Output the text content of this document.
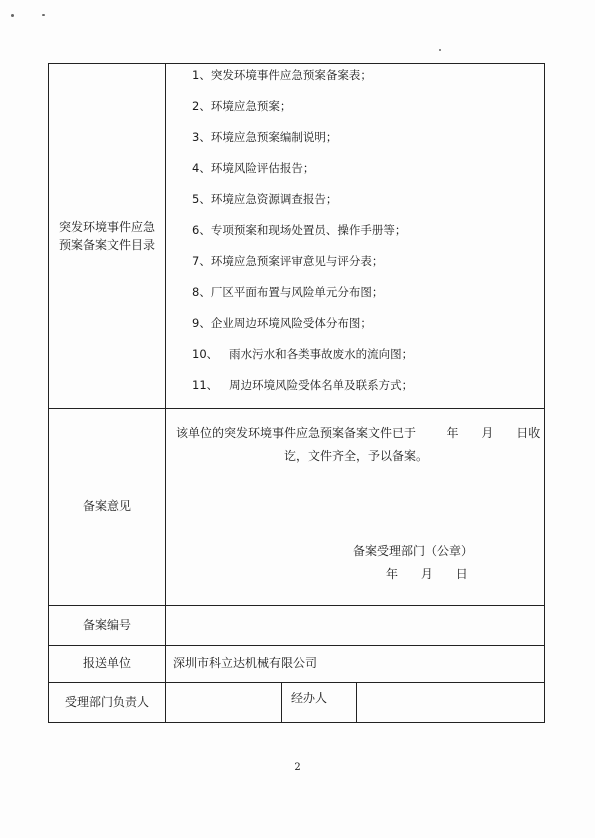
突发环境事件应急
预案备案文件目录
1、突发环境事件应急预案备案表；
2、环境应急预案；
3、环境应急预案编制说明；
4、环境风险评估报告；
5、环境应急资源调查报告；
6、专项预案和现场处置员、操作手册等；
7、环境应急预案评审意见与评分表；
8、厂区平面布置与风险单元分布图；
9、企业周边环境风险受体分布图；
10、   雨水污水和各类事故废水的流向图；
11、   周边环境风险受体名单及联系方式；
备案意见
该单位的突发环境事件应急预案备案文件已于        年      月      日收
讫，文件齐全，予以备案。
备案受理部门（公章）
年      月      日
备案编号
报送单位	深圳市科立达机械有限公司
受理部门负责人	经办人
2
